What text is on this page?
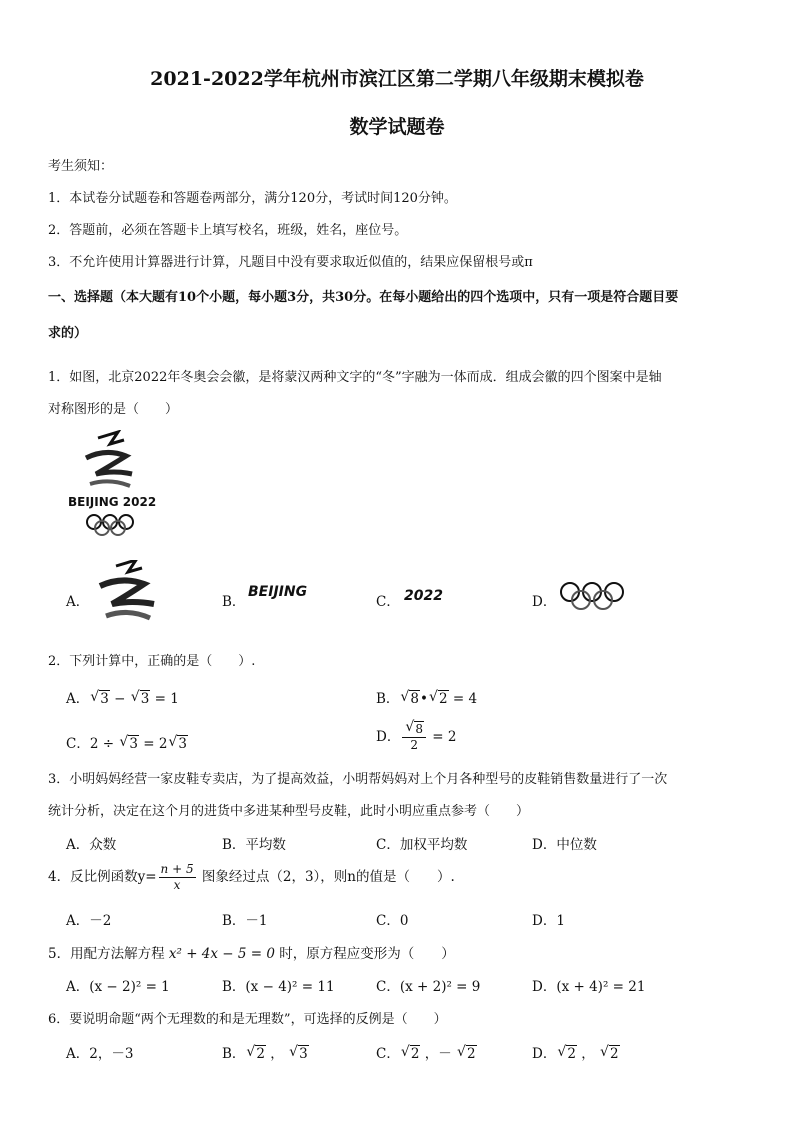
2021-2022学年杭州市滨江区第二学期八年级期末模拟卷
数学试题卷
考生须知：
1．本试卷分试题卷和答题卷两部分，满分120分，考试时间120分钟。
2．答题前，必须在答题卡上填写校名，班级，姓名，座位号。
3．不允许使用计算器进行计算，凡题目中没有要求取近似值的，结果应保留根号或π
一、选择题（本大题有10个小题，每小题3分，共30分。在每小题给出的四个选项中，只有一项是符合题目要
求的）
1．如图，北京2022年冬奥会会徽，是将蒙汉两种文字的“冬”字融为一体而成．组成会徽的四个图案中是轴
对称图形的是（　　）
BEIJING 2022
A．	B．
BEIJING
C． 2022	D．
2．下列计算中，正确的是（　　）.
A． √ 3 − √ 3 = 1	B． √ 8• √ 2 = 4
C．2 ÷ √ 3 = 2 √ 3	D． √ $\frac{8}{2} = 2$
3．小明妈妈经营一家皮鞋专卖店，为了提高效益，小明帮妈妈对上个月各种型号的皮鞋销售数量进行了一次
统计分析，决定在这个月的进货中多进某种型号皮鞋，此时小明应重点参考（　　）
A．众数	B．平均数	C．加权平均数	D．中位数
4．反比例函数$y= \frac{n + 5}{x}$ 图象经过点（2，3），则n的值是（　　）.
A．－2	B．－1	C．0	D．1
5．用配方法解方程 x² + 4x − 5 = 0 时，原方程应变形为（　　）
A．(x − 2)² = 1	B．(x − 4)² = 11	C．(x + 2)² = 9	D．(x + 4)² = 21
6．要说明命题“两个无理数的和是无理数”，可选择的反例是（　　）
A．2，－3	B． √ 2 ， √ 3	C． √ 2 ，－ √ 2	D． √ 2 ， √ 2
